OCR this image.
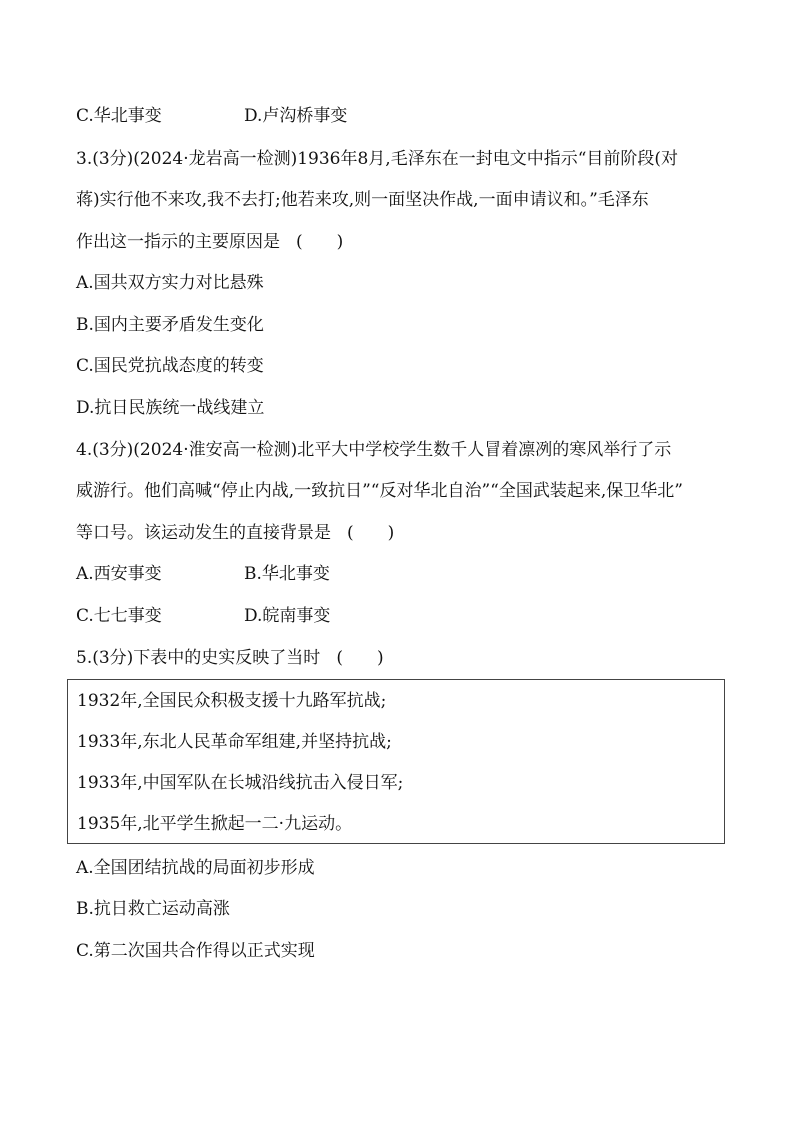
C.华北事变	D.卢沟桥事变
3.(3分)(2024·龙岩高一检测)1936年8月,毛泽东在一封电文中指示“目前阶段(对
蒋)实行他不来攻,我不去打;他若来攻,则一面坚决作战,一面申请议和。”毛泽东
作出这一指示的主要原因是 (　　)
A.国共双方实力对比悬殊
B.国内主要矛盾发生变化
C.国民党抗战态度的转变
D.抗日民族统一战线建立
4.(3分)(2024·淮安高一检测)北平大中学校学生数千人冒着凛冽的寒风举行了示
威游行。他们高喊“停止内战,一致抗日”“反对华北自治”“全国武装起来,保卫华北”
等口号。该运动发生的直接背景是 (　　)
A.西安事变	B.华北事变
C.七七事变	D.皖南事变
5.(3分)下表中的史实反映了当时 (　　)
1932年,全国民众积极支援十九路军抗战;
1933年,东北人民革命军组建,并坚持抗战;
1933年,中国军队在长城沿线抗击入侵日军;
1935年,北平学生掀起一二·九运动。
A.全国团结抗战的局面初步形成
B.抗日救亡运动高涨
C.第二次国共合作得以正式实现
